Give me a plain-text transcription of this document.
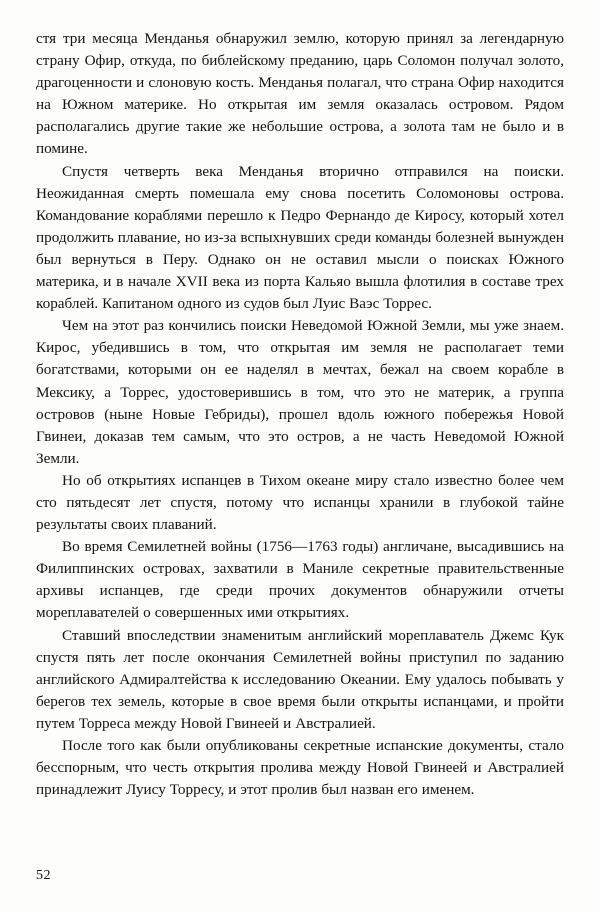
стя три месяца Менданья обнаружил землю, которую принял за легендарную страну Офир, откуда, по библейскому преданию, царь Соломон получал золото, драгоценности и слоновую кость. Менданья полагал, что страна Офир находится на Южном материке. Но открытая им земля оказалась островом. Рядом располагались другие такие же небольшие острова, а золота там не было и в помине.

Спустя четверть века Менданья вторично отправился на поиски. Неожиданная смерть помешала ему снова посетить Соломоновы острова. Командование кораблями перешло к Педро Фернандо де Киросу, который хотел продолжить плавание, но из-за вспыхнувших среди команды болезней вынужден был вернуться в Перу. Однако он не оставил мысли о поисках Южного материка, и в начале XVII века из порта Кальяо вышла флотилия в составе трех кораблей. Капитаном одного из судов был Луис Ваэс Торрес.

Чем на этот раз кончились поиски Неведомой Южной Земли, мы уже знаем. Кирос, убедившись в том, что открытая им земля не располагает теми богатствами, которыми он ее наделял в мечтах, бежал на своем корабле в Мексику, а Торрес, удостоверившись в том, что это не материк, а группа островов (ныне Новые Гебриды), прошел вдоль южного побережья Новой Гвинеи, доказав тем самым, что это остров, а не часть Неведомой Южной Земли.

Но об открытиях испанцев в Тихом океане миру стало известно более чем сто пятьдесят лет спустя, потому что испанцы хранили в глубокой тайне результаты своих плаваний.

Во время Семилетней войны (1756—1763 годы) англичане, высадившись на Филиппинских островах, захватили в Маниле секретные правительственные архивы испанцев, где среди прочих документов обнаружили отчеты мореплавателей о совершенных ими открытиях.

Ставший впоследствии знаменитым английский мореплаватель Джемс Кук спустя пять лет после окончания Семилетней войны приступил по заданию английского Адмиралтейства к исследованию Океании. Ему удалось побывать у берегов тех земель, которые в свое время были открыты испанцами, и пройти путем Торреса между Новой Гвинеей и Австралией.

После того как были опубликованы секретные испанские документы, стало бесспорным, что честь открытия пролива между Новой Гвинеей и Австралией принадлежит Луису Торресу, и этот пролив был назван его именем.

52
